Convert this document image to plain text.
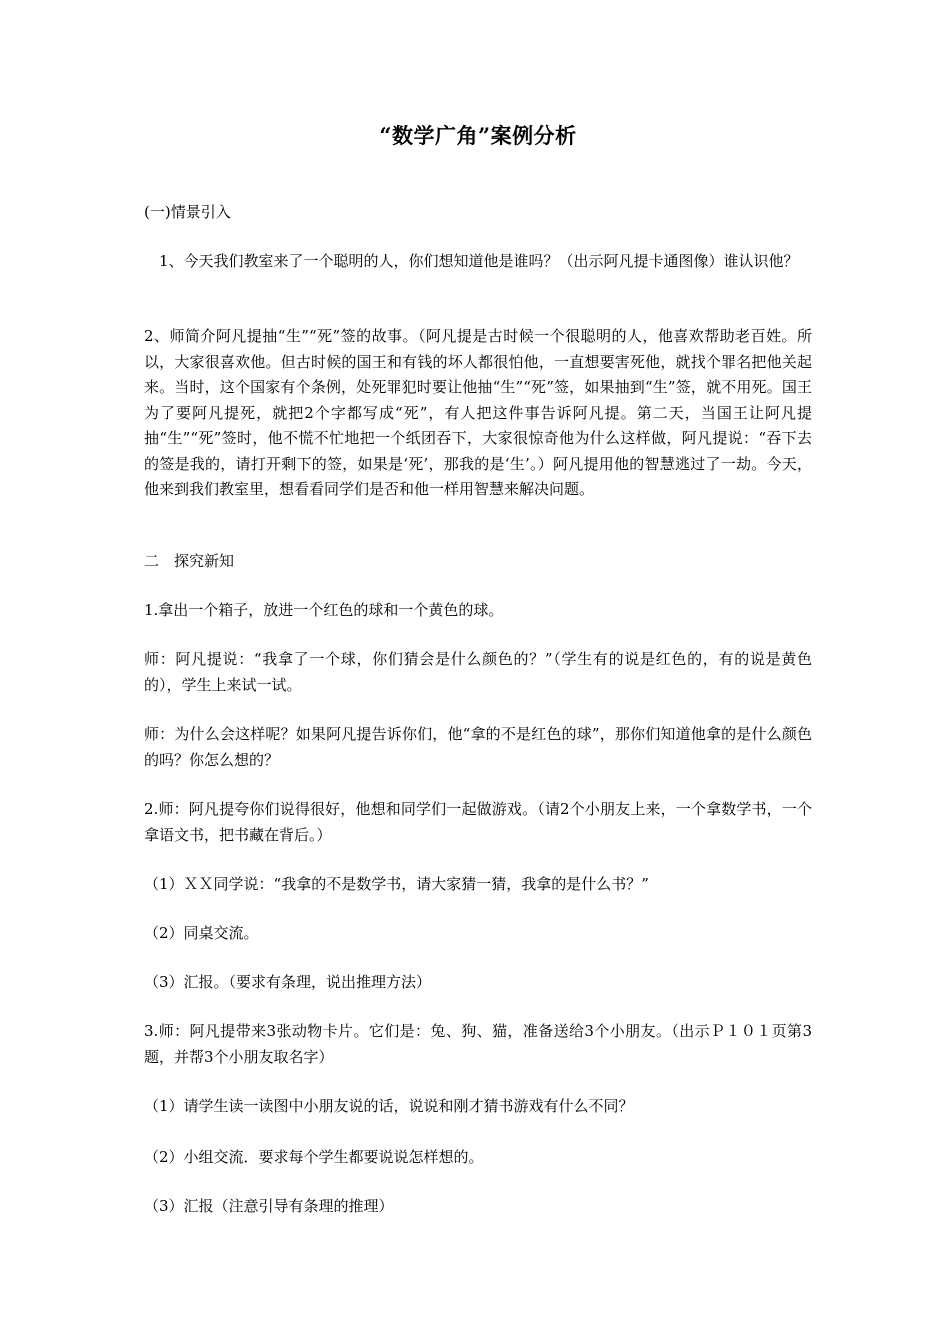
“数学广角”案例分析

(一)情景引入

　1、今天我们教室来了一个聪明的人，你们想知道他是谁吗？（出示阿凡提卡通图像）谁认识他？

2、师简介阿凡提抽“生”“死”签的故事。（阿凡提是古时候一个很聪明的人，他喜欢帮助老百姓。所以，大家很喜欢他。但古时候的国王和有钱的坏人都很怕他，一直想要害死他，就找个罪名把他关起来。当时，这个国家有个条例，处死罪犯时要让他抽“生”“死”签，如果抽到“生”签，就不用死。国王为了要阿凡提死，就把2个字都写成“死”，有人把这件事告诉阿凡提。第二天，当国王让阿凡提抽“生”“死”签时，他不慌不忙地把一个纸团吞下，大家很惊奇他为什么这样做，阿凡提说：“吞下去的签是我的，请打开剩下的签，如果是‘死’，那我的是‘生’。）阿凡提用他的智慧逃过了一劫。今天，他来到我们教室里，想看看同学们是否和他一样用智慧来解决问题。

二　探究新知

1.拿出一个箱子，放进一个红色的球和一个黄色的球。

师：阿凡提说：“我拿了一个球，你们猜会是什么颜色的？”（学生有的说是红色的，有的说是黄色的），学生上来试一试。

师：为什么会这样呢？如果阿凡提告诉你们，他“拿的不是红色的球”，那你们知道他拿的是什么颜色的吗？你怎么想的？

2.师：阿凡提夸你们说得很好，他想和同学们一起做游戏。（请2个小朋友上来，一个拿数学书，一个拿语文书，把书藏在背后。）

（1）ＸＸ同学说：“我拿的不是数学书，请大家猜一猜，我拿的是什么书？”

（2）同桌交流。

（3）汇报。（要求有条理，说出推理方法）

3.师：阿凡提带来3张动物卡片。它们是：兔、狗、猫，准备送给3个小朋友。（出示Ｐ１０１页第3题，并帮3个小朋友取名字）

（1）请学生读一读图中小朋友说的话，说说和刚才猜书游戏有什么不同？

（2）小组交流．要求每个学生都要说说怎样想的。

（3）汇报（注意引导有条理的推理）
